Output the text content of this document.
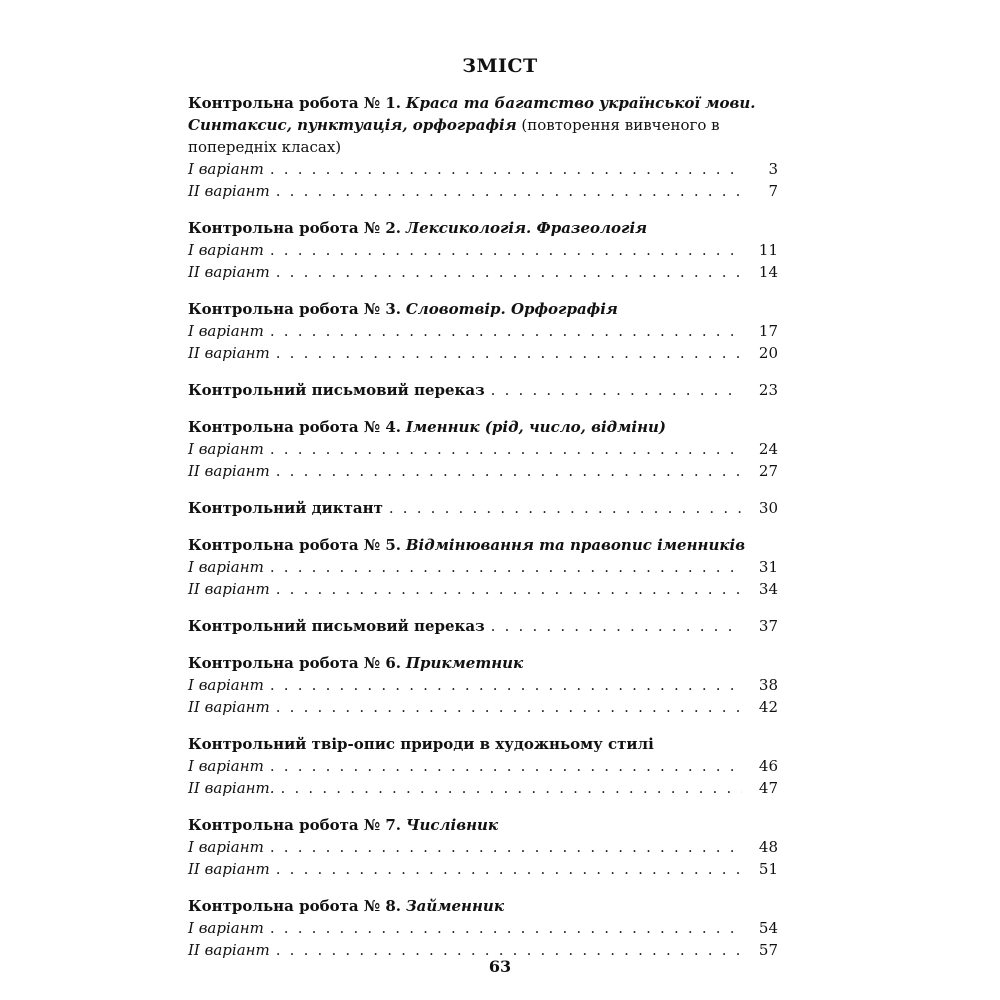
ЗМІСТ

Контрольна робота № 1. Краса та багатство української мови. Синтаксис, пунктуація, орфографія (повторення вивченого в попередніх класах)

І варіант . . .	3
ІІ варіант . . .	7

Контрольна робота № 2. Лексикологія. Фразеологія

І варіант . . .	11
ІІ варіант . . .	14

Контрольна робота № 3. Словотвір. Орфографія

І варіант . . .	17
ІІ варіант . . .	20
Контрольний письмовий переказ . . .	23

Контрольна робота № 4. Іменник (рід, число, відміни)

І варіант . . .	24
ІІ варіант . . .	27
Контрольний диктант . . .	30

Контрольна робота № 5. Відмінювання та правопис іменників

І варіант . . .	31
ІІ варіант . . .	34
Контрольний письмовий переказ . . .	37

Контрольна робота № 6. Прикметник

І варіант . . .	38
ІІ варіант . . .	42

Контрольний твір-опис природи в художньому стилі

І варіант . . .	46
ІІ варіант. . . .	47

Контрольна робота № 7. Числівник

І варіант . . .	48
ІІ варіант . . .	51

Контрольна робота № 8. Займенник

І варіант . . .	54
ІІ варіант . . .	57
63
